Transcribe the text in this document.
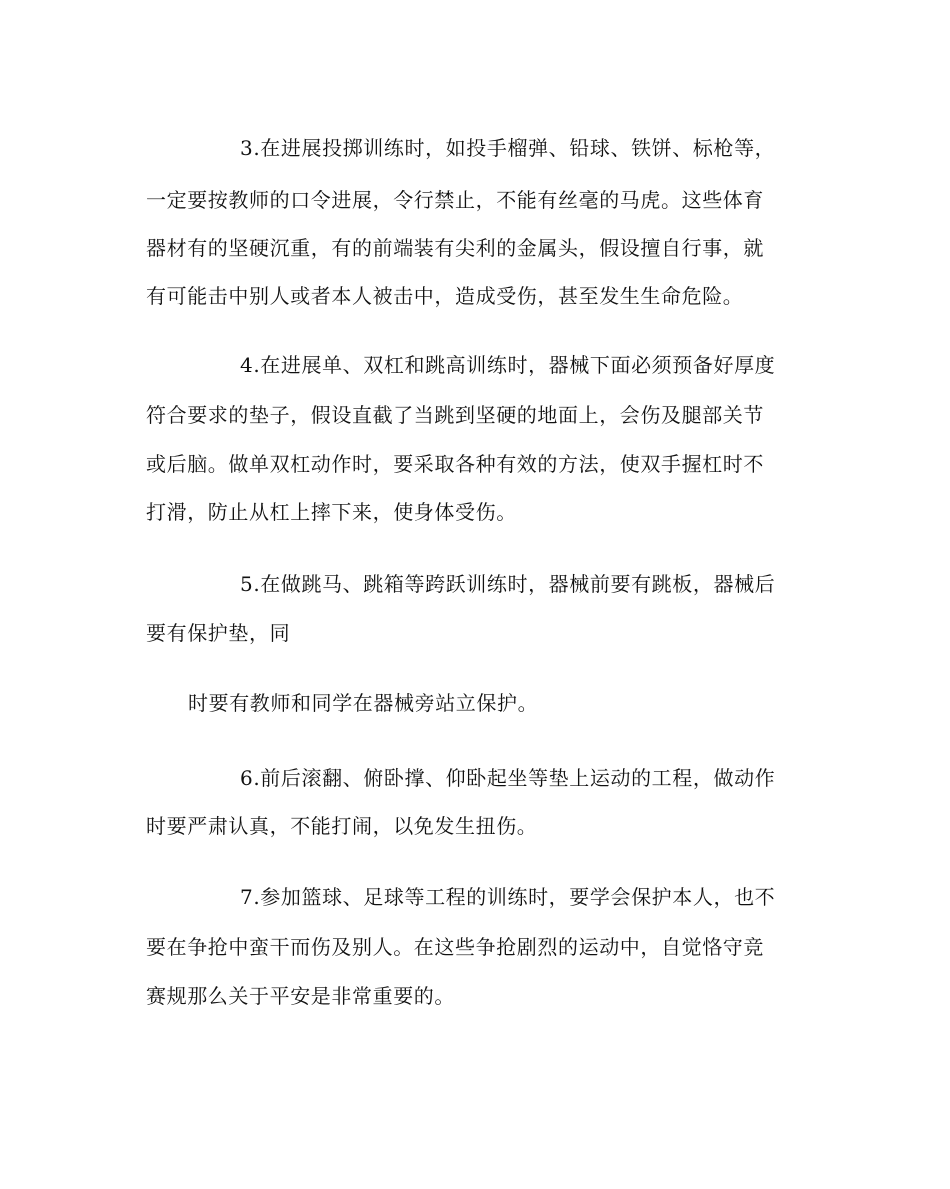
3.在进展投掷训练时，如投手榴弹、铅球、铁饼、标枪等，

一定要按教师的口令进展，令行禁止，不能有丝毫的马虎。这些体育

器材有的坚硬沉重，有的前端装有尖利的金属头，假设擅自行事，就

有可能击中别人或者本人被击中，造成受伤，甚至发生生命危险。

4.在进展单、双杠和跳高训练时，器械下面必须预备好厚度

符合要求的垫子，假设直截了当跳到坚硬的地面上，会伤及腿部关节

或后脑。做单双杠动作时，要采取各种有效的方法，使双手握杠时不

打滑，防止从杠上摔下来，使身体受伤。

5.在做跳马、跳箱等跨跃训练时，器械前要有跳板，器械后

要有保护垫，同

时要有教师和同学在器械旁站立保护。

6.前后滚翻、俯卧撑、仰卧起坐等垫上运动的工程，做动作

时要严肃认真，不能打闹，以免发生扭伤。

7.参加篮球、足球等工程的训练时，要学会保护本人，也不

要在争抢中蛮干而伤及别人。在这些争抢剧烈的运动中，自觉恪守竞

赛规那么关于平安是非常重要的。
